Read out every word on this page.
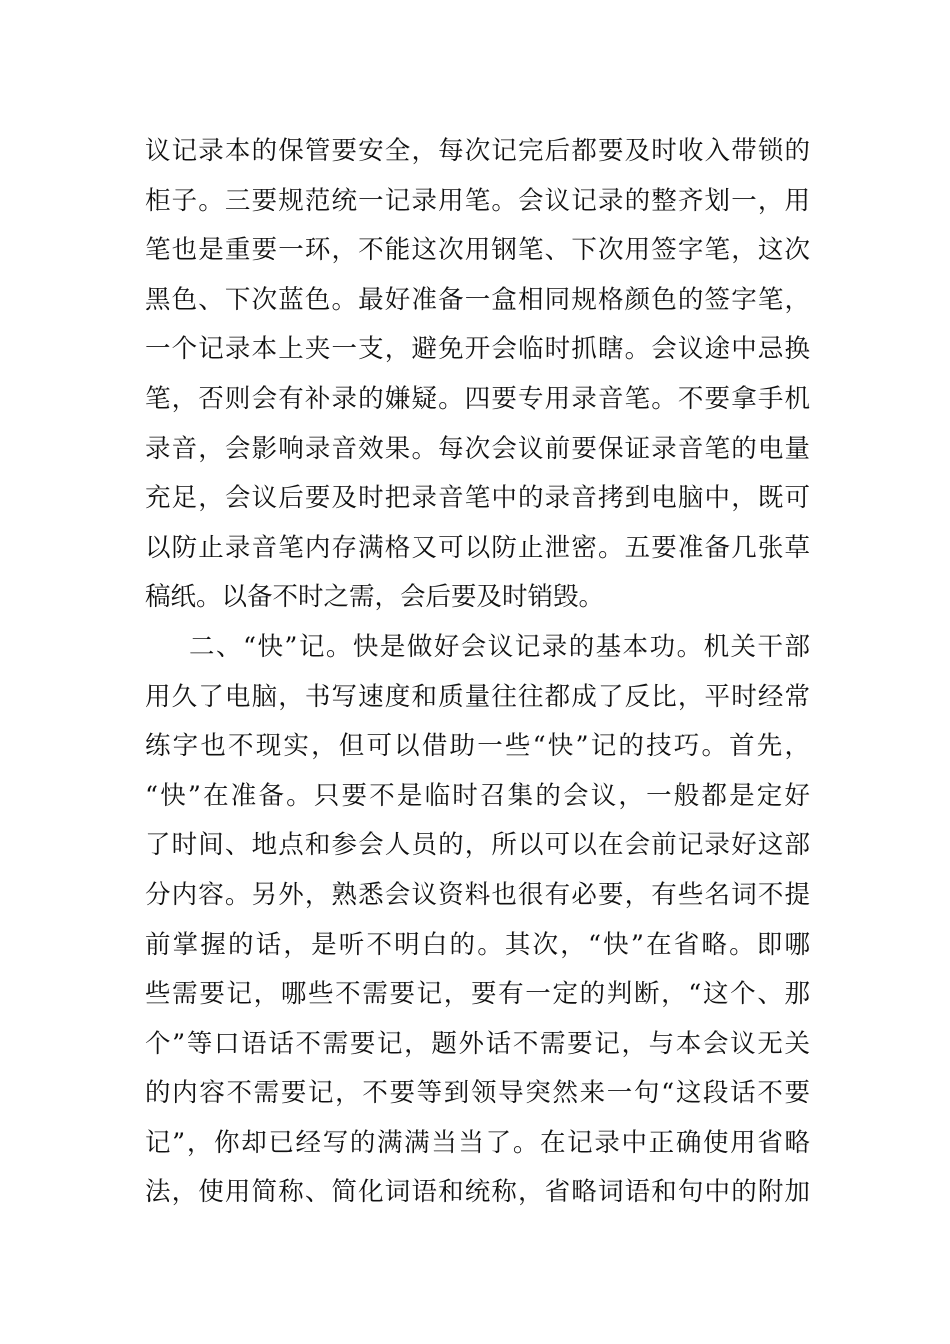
议记录本的保管要安全，每次记完后都要及时收入带锁的
柜子。三要规范统一记录用笔。会议记录的整齐划一，用
笔也是重要一环，不能这次用钢笔、下次用签字笔，这次
黑色、下次蓝色。最好准备一盒相同规格颜色的签字笔，
一个记录本上夹一支，避免开会临时抓瞎。会议途中忌换
笔，否则会有补录的嫌疑。四要专用录音笔。不要拿手机
录音，会影响录音效果。每次会议前要保证录音笔的电量
充足，会议后要及时把录音笔中的录音拷到电脑中，既可
以防止录音笔内存满格又可以防止泄密。五要准备几张草
稿纸。以备不时之需，会后要及时销毁。
二、“快”记。快是做好会议记录的基本功。机关干部
用久了电脑，书写速度和质量往往都成了反比，平时经常
练字也不现实，但可以借助一些“快”记的技巧。首先，
“快”在准备。只要不是临时召集的会议，一般都是定好
了时间、地点和参会人员的，所以可以在会前记录好这部
分内容。另外，熟悉会议资料也很有必要，有些名词不提
前掌握的话，是听不明白的。其次，“快”在省略。即哪
些需要记，哪些不需要记，要有一定的判断，“这个、那
个”等口语话不需要记，题外话不需要记，与本会议无关
的内容不需要记，不要等到领导突然来一句“这段话不要
记”，你却已经写的满满当当了。在记录中正确使用省略
法，使用简称、简化词语和统称，省略词语和句中的附加
